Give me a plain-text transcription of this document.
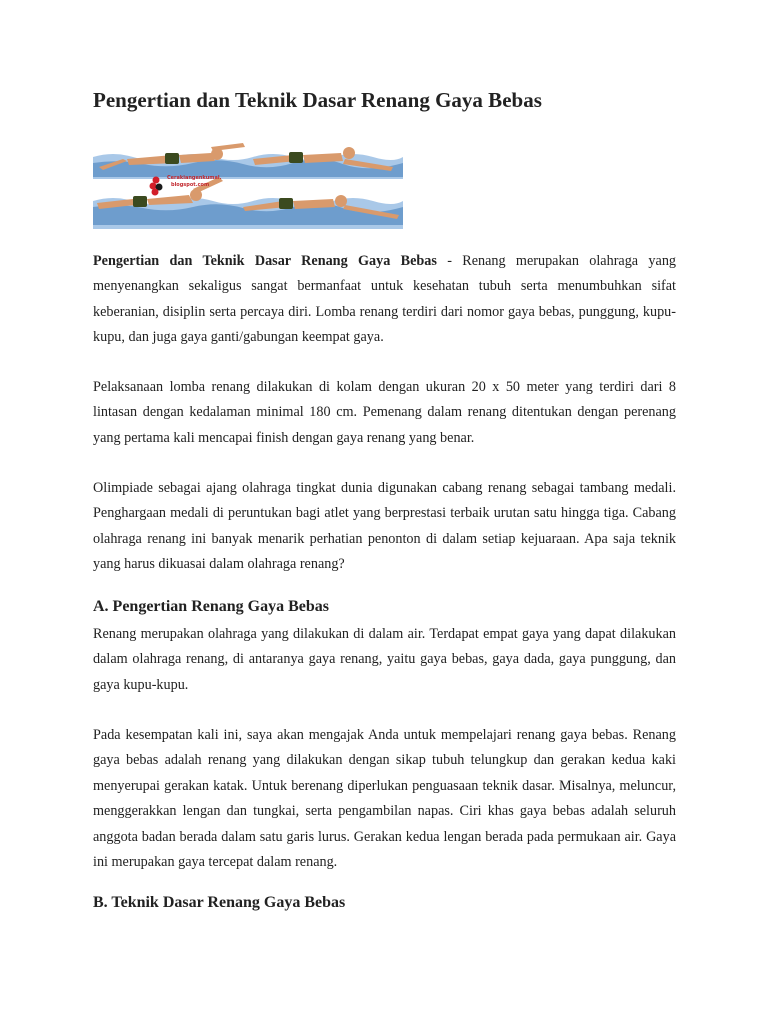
Pengertian dan Teknik Dasar Renang Gaya Bebas
Cerakiangenkumal.
blogspot.com

Pengertian dan Teknik Dasar Renang Gaya Bebas - Renang merupakan olahraga yang menyenangkan sekaligus sangat bermanfaat untuk kesehatan tubuh serta menumbuhkan sifat keberanian, disiplin serta percaya diri. Lomba renang terdiri dari nomor gaya bebas, punggung, kupu-kupu, dan juga gaya ganti/gabungan keempat gaya.

Pelaksanaan lomba renang dilakukan di kolam dengan ukuran 20 x 50 meter yang terdiri dari 8 lintasan dengan kedalaman minimal 180 cm. Pemenang dalam renang ditentukan dengan perenang yang pertama kali mencapai finish dengan gaya renang yang benar.

Olimpiade sebagai ajang olahraga tingkat dunia digunakan cabang renang sebagai tambang medali. Penghargaan medali di peruntukan bagi atlet yang berprestasi terbaik urutan satu hingga tiga. Cabang olahraga renang ini banyak menarik perhatian penonton di dalam setiap kejuaraan. Apa saja teknik yang harus dikuasai dalam olahraga renang?

A. Pengertian Renang Gaya Bebas

Renang merupakan olahraga yang dilakukan di dalam air. Terdapat empat gaya yang dapat dilakukan dalam olahraga renang, di antaranya gaya renang, yaitu gaya bebas, gaya dada, gaya punggung, dan gaya kupu-kupu.

Pada kesempatan kali ini, saya akan mengajak Anda untuk mempelajari renang gaya bebas. Renang gaya bebas adalah renang yang dilakukan dengan sikap tubuh telungkup dan gerakan kedua kaki menyerupai gerakan katak. Untuk berenang diperlukan penguasaan teknik dasar. Misalnya, meluncur, menggerakkan lengan dan tungkai, serta pengambilan napas. Ciri khas gaya bebas adalah seluruh anggota badan berada dalam satu garis lurus. Gerakan kedua lengan berada pada permukaan air. Gaya ini merupakan gaya tercepat dalam renang.

B. Teknik Dasar Renang Gaya Bebas
